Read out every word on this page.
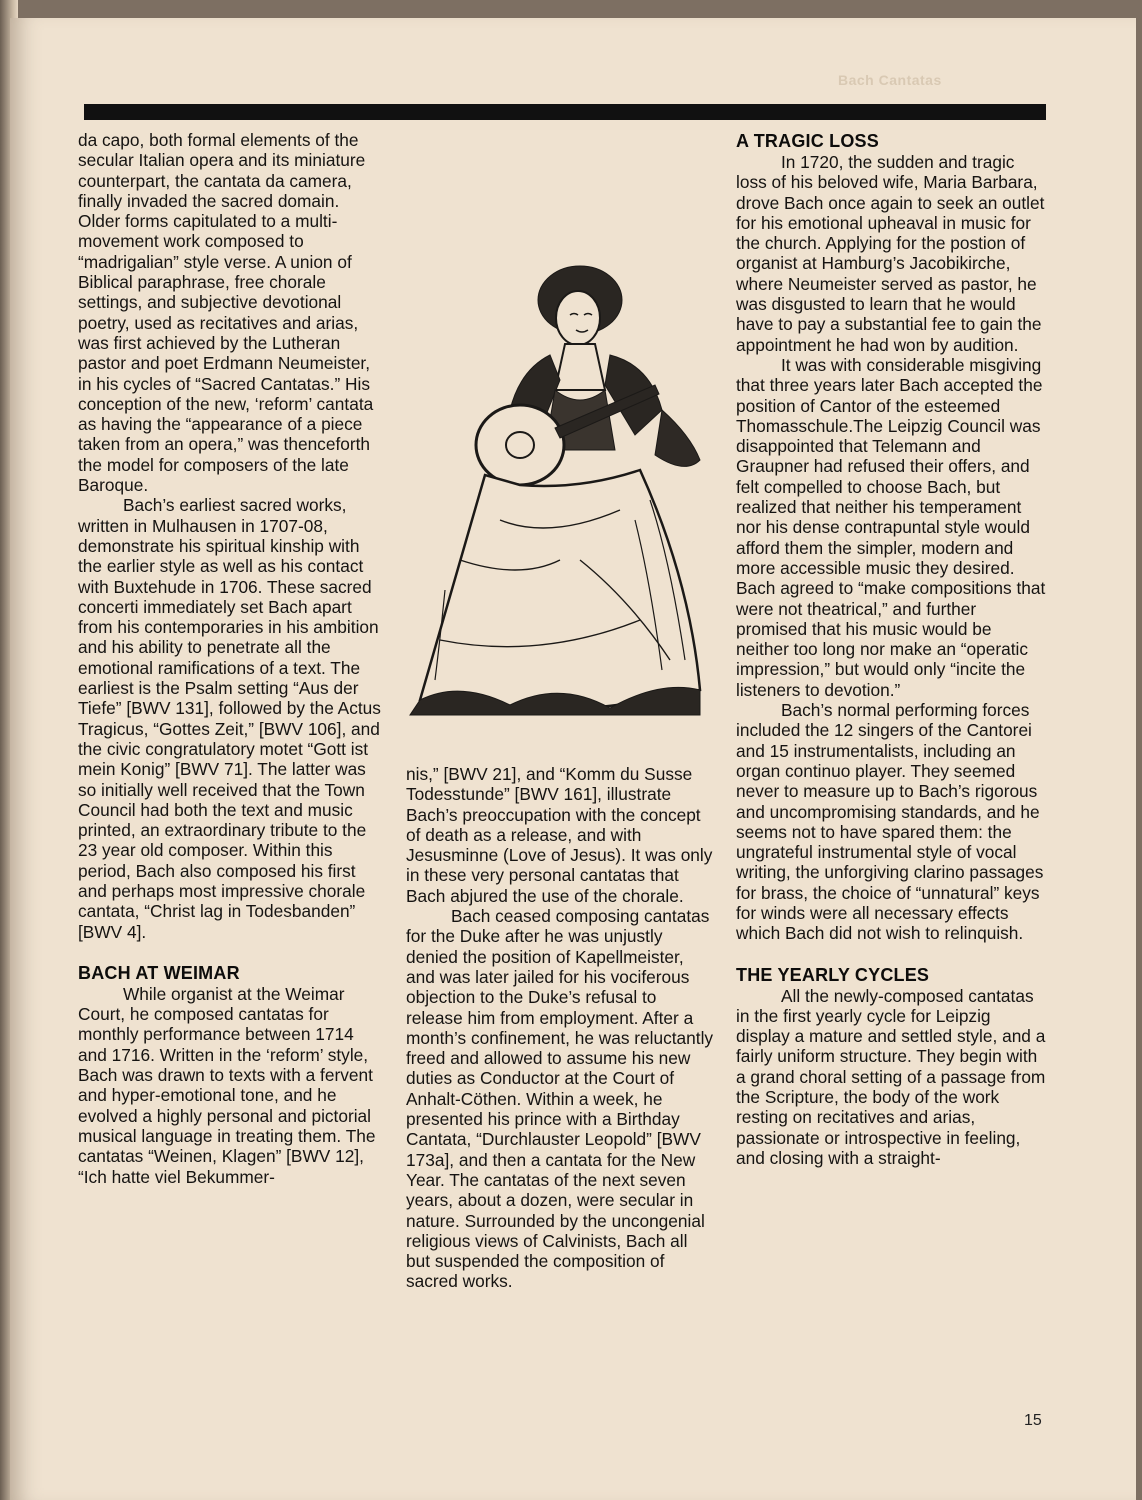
Bach Cantatas

da capo, both formal elements of the secular Italian opera and its miniature counterpart, the cantata da camera, finally invaded the sacred domain. Older forms capitulated to a multi-movement work composed to “madrigalian” style verse. A union of Biblical paraphrase, free chorale settings, and subjective devotional poetry, used as recitatives and arias, was first achieved by the Lutheran pastor and poet Erdmann Neumeister, in his cycles of “Sacred Cantatas.” His conception of the new, ‘reform’ cantata as having the “appearance of a piece taken from an opera,” was thenceforth the model for composers of the late Baroque.

Bach’s earliest sacred works, written in Mulhausen in 1707-08, demonstrate his spiritual kinship with the earlier style as well as his contact with Buxtehude in 1706. These sacred concerti immediately set Bach apart from his contemporaries in his ambition and his ability to penetrate all the emotional ramifications of a text. The earliest is the Psalm setting “Aus der Tiefe” [BWV 131], followed by the Actus Tragicus, “Gottes Zeit,” [BWV 106], and the civic congratulatory motet “Gott ist mein Konig” [BWV 71]. The latter was so initially well received that the Town Council had both the text and music printed, an extraordinary tribute to the 23 year old composer. Within this period, Bach also composed his first and perhaps most impressive chorale cantata, “Christ lag in Todesbanden” [BWV 4].

BACH AT WEIMAR

While organist at the Weimar Court, he composed cantatas for monthly performance between 1714 and 1716. Written in the ‘reform’ style, Bach was drawn to texts with a fervent and hyper-emotional tone, and he evolved a highly personal and pictorial musical language in treating them. The cantatas “Weinen, Klagen” [BWV 12], “Ich hatte viel Bekummer-

nis,” [BWV 21], and “Komm du Susse Todesstunde” [BWV 161], illustrate Bach’s preoccupation with the concept of death as a release, and with Jesusminne (Love of Jesus). It was only in these very personal cantatas that Bach abjured the use of the chorale.

Bach ceased composing cantatas for the Duke after he was unjustly denied the position of Kapellmeister, and was later jailed for his vociferous objection to the Duke’s refusal to release him from employment. After a month’s confinement, he was reluctantly freed and allowed to assume his new duties as Conductor at the Court of Anhalt-Cöthen. Within a week, he presented his prince with a Birthday Cantata, “Durchlauster Leopold” [BWV 173a], and then a cantata for the New Year. The cantatas of the next seven years, about a dozen, were secular in nature. Surrounded by the uncongenial religious views of Calvinists, Bach all but suspended the composition of sacred works.

A TRAGIC LOSS

In 1720, the sudden and tragic loss of his beloved wife, Maria Barbara, drove Bach once again to seek an outlet for his emotional upheaval in music for the church. Applying for the postion of organist at Hamburg’s Jacobikirche, where Neumeister served as pastor, he was disgusted to learn that he would have to pay a substantial fee to gain the appointment he had won by audition.

It was with considerable misgiving that three years later Bach accepted the position of Cantor of the esteemed Thomasschule.The Leipzig Council was disappointed that Telemann and Graupner had refused their offers, and felt compelled to choose Bach, but realized that neither his temperament nor his dense contrapuntal style would afford them the simpler, modern and more accessible music they desired. Bach agreed to “make compositions that were not theatrical,” and further promised that his music would be neither too long nor make an “operatic impression,” but would only “incite the listeners to devotion.”

Bach’s normal performing forces included the 12 singers of the Cantorei and 15 instrumentalists, including an organ continuo player. They seemed never to measure up to Bach’s rigorous and uncompromising standards, and he seems not to have spared them: the ungrateful instrumental style of vocal writing, the unforgiving clarino passages for brass, the choice of “unnatural” keys for winds were all necessary effects which Bach did not wish to relinquish.

THE YEARLY CYCLES

All the newly-composed cantatas in the first yearly cycle for Leipzig display a mature and settled style, and a fairly uniform structure. They begin with a grand choral setting of a passage from the Scripture, the body of the work resting on recitatives and arias, passionate or introspective in feeling, and closing with a straight-

15
